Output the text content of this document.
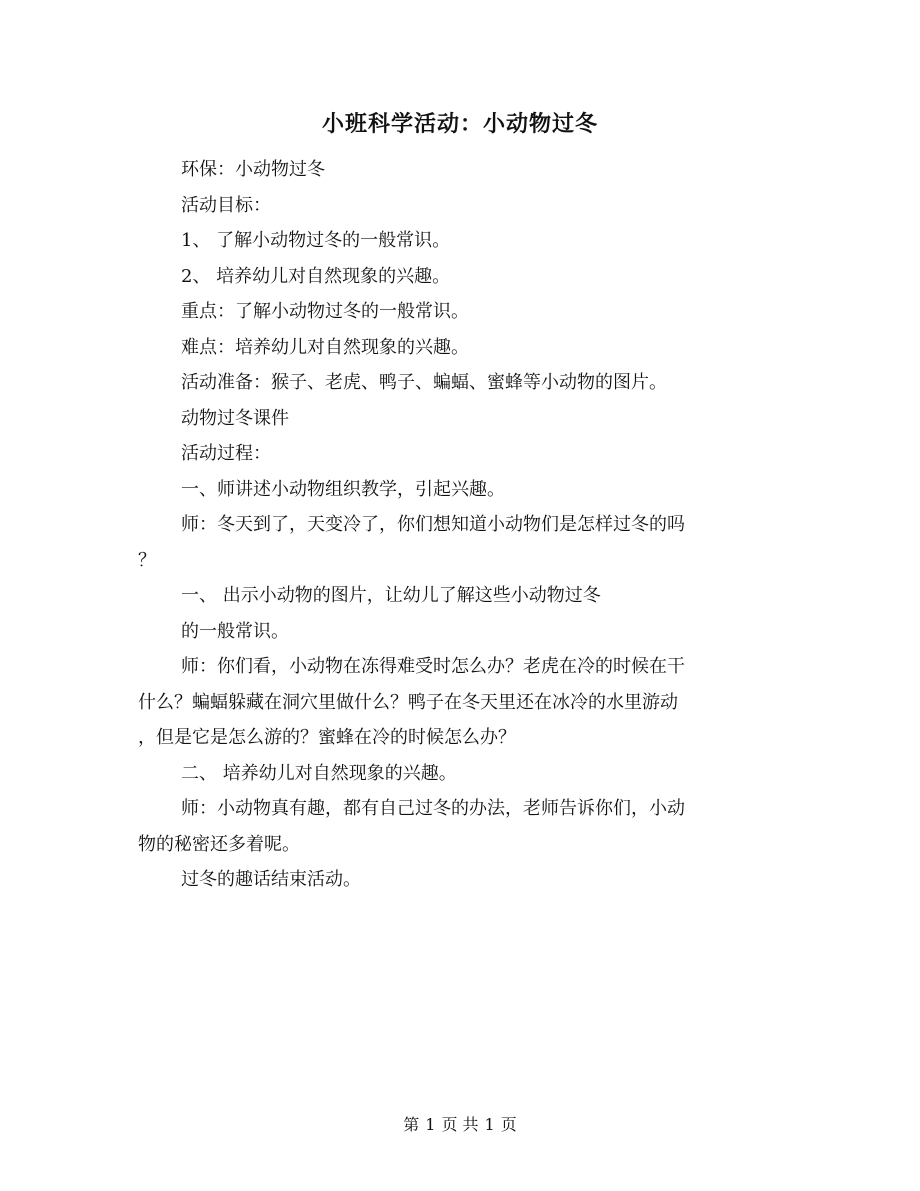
小班科学活动：小动物过冬

环保：小动物过冬

活动目标：

1、 了解小动物过冬的一般常识。

2、 培养幼儿对自然现象的兴趣。

重点：了解小动物过冬的一般常识。

难点：培养幼儿对自然现象的兴趣。

活动准备：猴子、老虎、鸭子、蝙蝠、蜜蜂等小动物的图片。

动物过冬课件

活动过程：

一、师讲述小动物组织教学，引起兴趣。

师：冬天到了，天变冷了，你们想知道小动物们是怎样过冬的吗

？

一、 出示小动物的图片，让幼儿了解这些小动物过冬

的一般常识。

师：你们看，小动物在冻得难受时怎么办？老虎在冷的时候在干

什么？蝙蝠躲藏在洞穴里做什么？鸭子在冬天里还在冰冷的水里游动

，但是它是怎么游的？蜜蜂在冷的时候怎么办？

二、 培养幼儿对自然现象的兴趣。

师：小动物真有趣，都有自己过冬的办法，老师告诉你们，小动

物的秘密还多着呢。

过冬的趣话结束活动。

第 1 页 共 1 页
